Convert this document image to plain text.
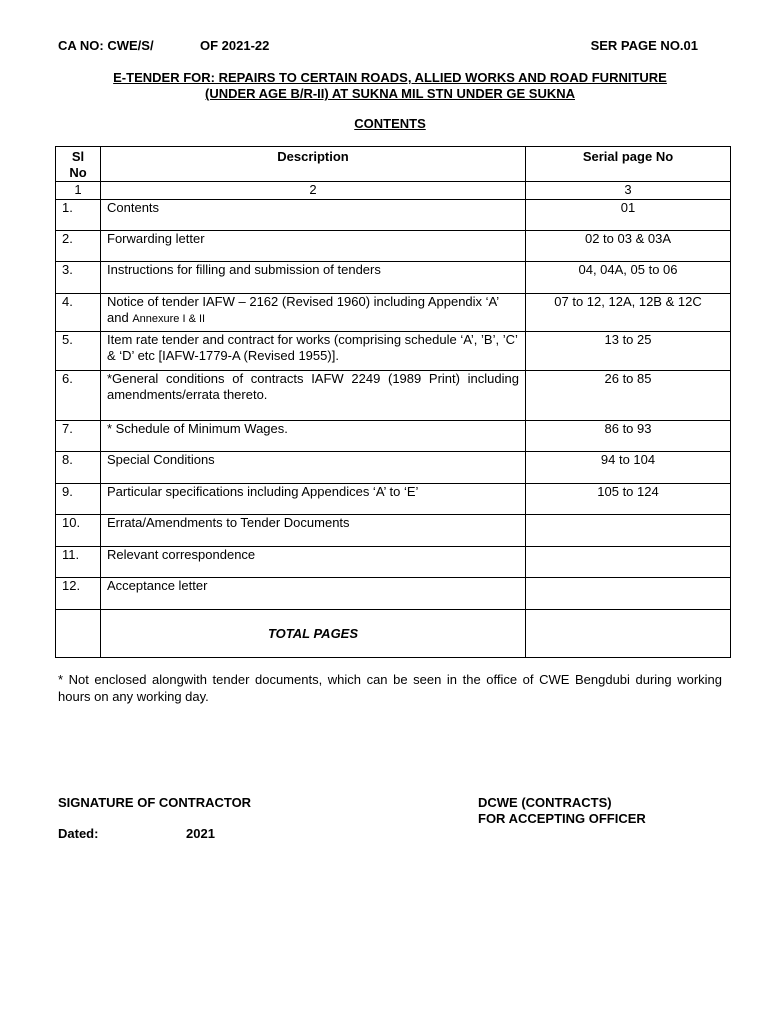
CA NO: CWE/S/	OF 2021-22	SER PAGE NO.01
E-TENDER FOR: REPAIRS TO CERTAIN ROADS, ALLIED WORKS AND ROAD FURNITURE
(UNDER AGE B/R-II) AT SUKNA MIL STN UNDER GE SUKNA
CONTENTS
Sl
No	Description	Serial page No
1	2	3
1.	Contents	01
2.	Forwarding letter	02 to 03 & 03A
3.	Instructions for filling and submission of tenders	04, 04A, 05 to 06
4.	Notice of tender IAFW – 2162 (Revised 1960) including Appendix ‘A’ and Annexure I & II	07 to 12, 12A, 12B & 12C
5.	Item rate tender and contract for works (comprising schedule ‘A’, ’B’, ’C’ & ‘D’ etc [IAFW-1779-A (Revised 1955)].	13 to 25
6.	*General conditions of contracts IAFW 2249 (1989 Print) including amendments/errata thereto.	26 to 85
7.	* Schedule of Minimum Wages.	86 to 93
8.	Special Conditions	94 to 104
9.	Particular specifications including Appendices ‘A’ to ‘E’	105 to 124
10.	Errata/Amendments to Tender Documents	
11.	Relevant correspondence	
12.	Acceptance letter	
	TOTAL PAGES	
* Not enclosed alongwith tender documents, which can be seen in the office of CWE Bengdubi during working hours on any working day.
SIGNATURE OF CONTRACTOR	DCWE (CONTRACTS)
FOR ACCEPTING OFFICER
Dated:	2021
